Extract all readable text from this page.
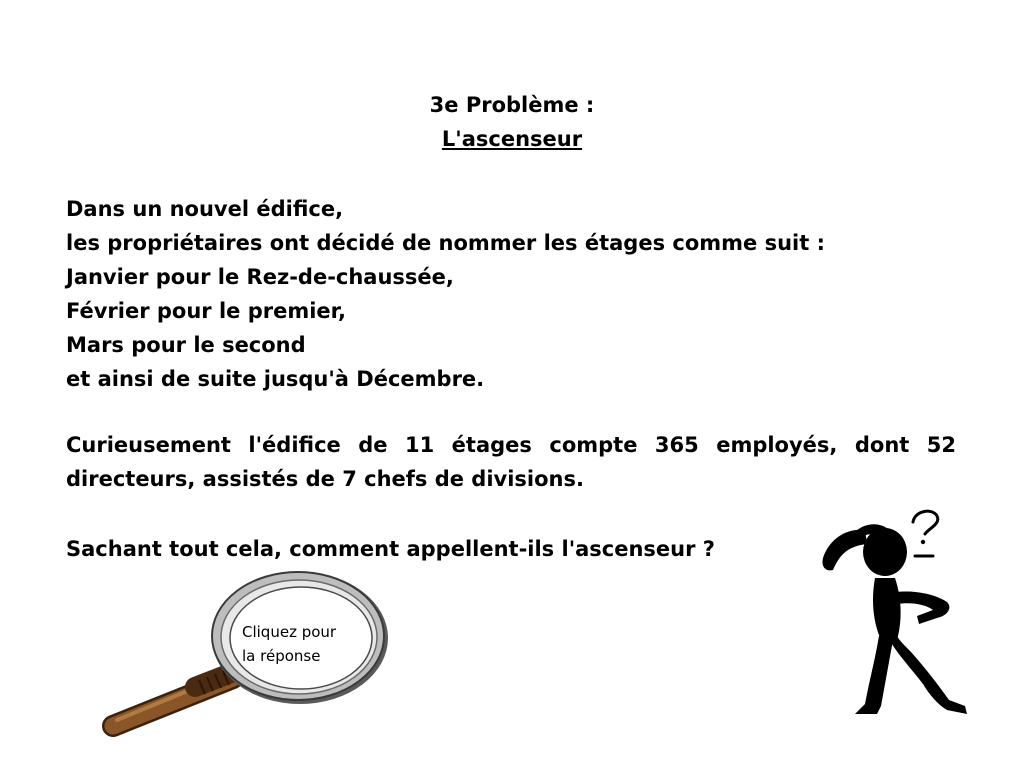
3e Problème :
L'ascenseur
Dans un nouvel édifice,
les propriétaires ont décidé de nommer les étages comme suit :
Janvier pour le Rez-de-chaussée,
Février pour le premier,
Mars pour le second
et ainsi de suite jusqu'à Décembre.
Curieusement l'édifice de 11 étages compte 365 employés, dont 52 directeurs, assistés de 7 chefs de divisions.
Sachant tout cela, comment appellent-ils l'ascenseur ?
Cliquez pour
la réponse
